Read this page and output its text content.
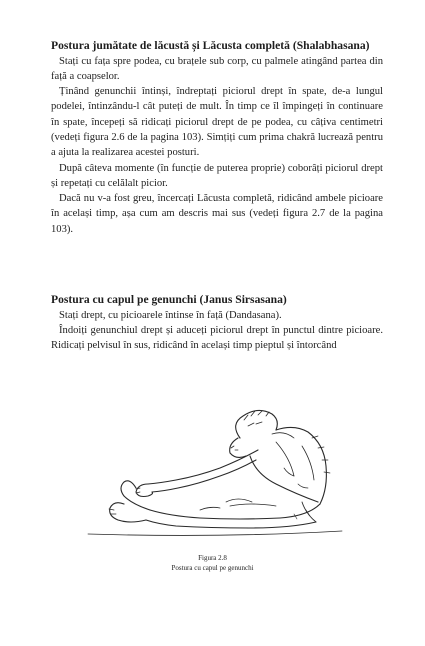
Postura jumătate de lăcustă și Lăcusta completă (Shalabhasana)

Stați cu fața spre podea, cu brațele sub corp, cu palmele atingând partea din față a coapselor.

Ținând genunchii întinși, îndreptați piciorul drept în spate, de-a lungul podelei, întinzându-l cât puteți de mult. În timp ce îl împingeți în continuare în spate, începeți să ridicați piciorul drept de pe podea, cu câțiva centimetri (vedeți figura 2.6 de la pagina 103). Simțiți cum prima chakră lucrează pentru a ajuta la realizarea acestei posturi.

După câteva momente (în funcție de puterea proprie) coborâți piciorul drept și repetați cu celălalt picior.

Dacă nu v-a fost greu, încercați Lăcusta completă, ridicând ambele picioare în același timp, așa cum am descris mai sus (vedeți figura 2.7 de la pagina 103).

Postura cu capul pe genunchi (Janus Sirsasana)

Stați drept, cu picioarele întinse în față (Dandasana).

Îndoiți genunchiul drept și aduceți piciorul drept în punctul dintre picioare. Ridicați pelvisul în sus, ridicând în același timp pieptul și întorcând

Figura 2.8
Postura cu capul pe genunchi
